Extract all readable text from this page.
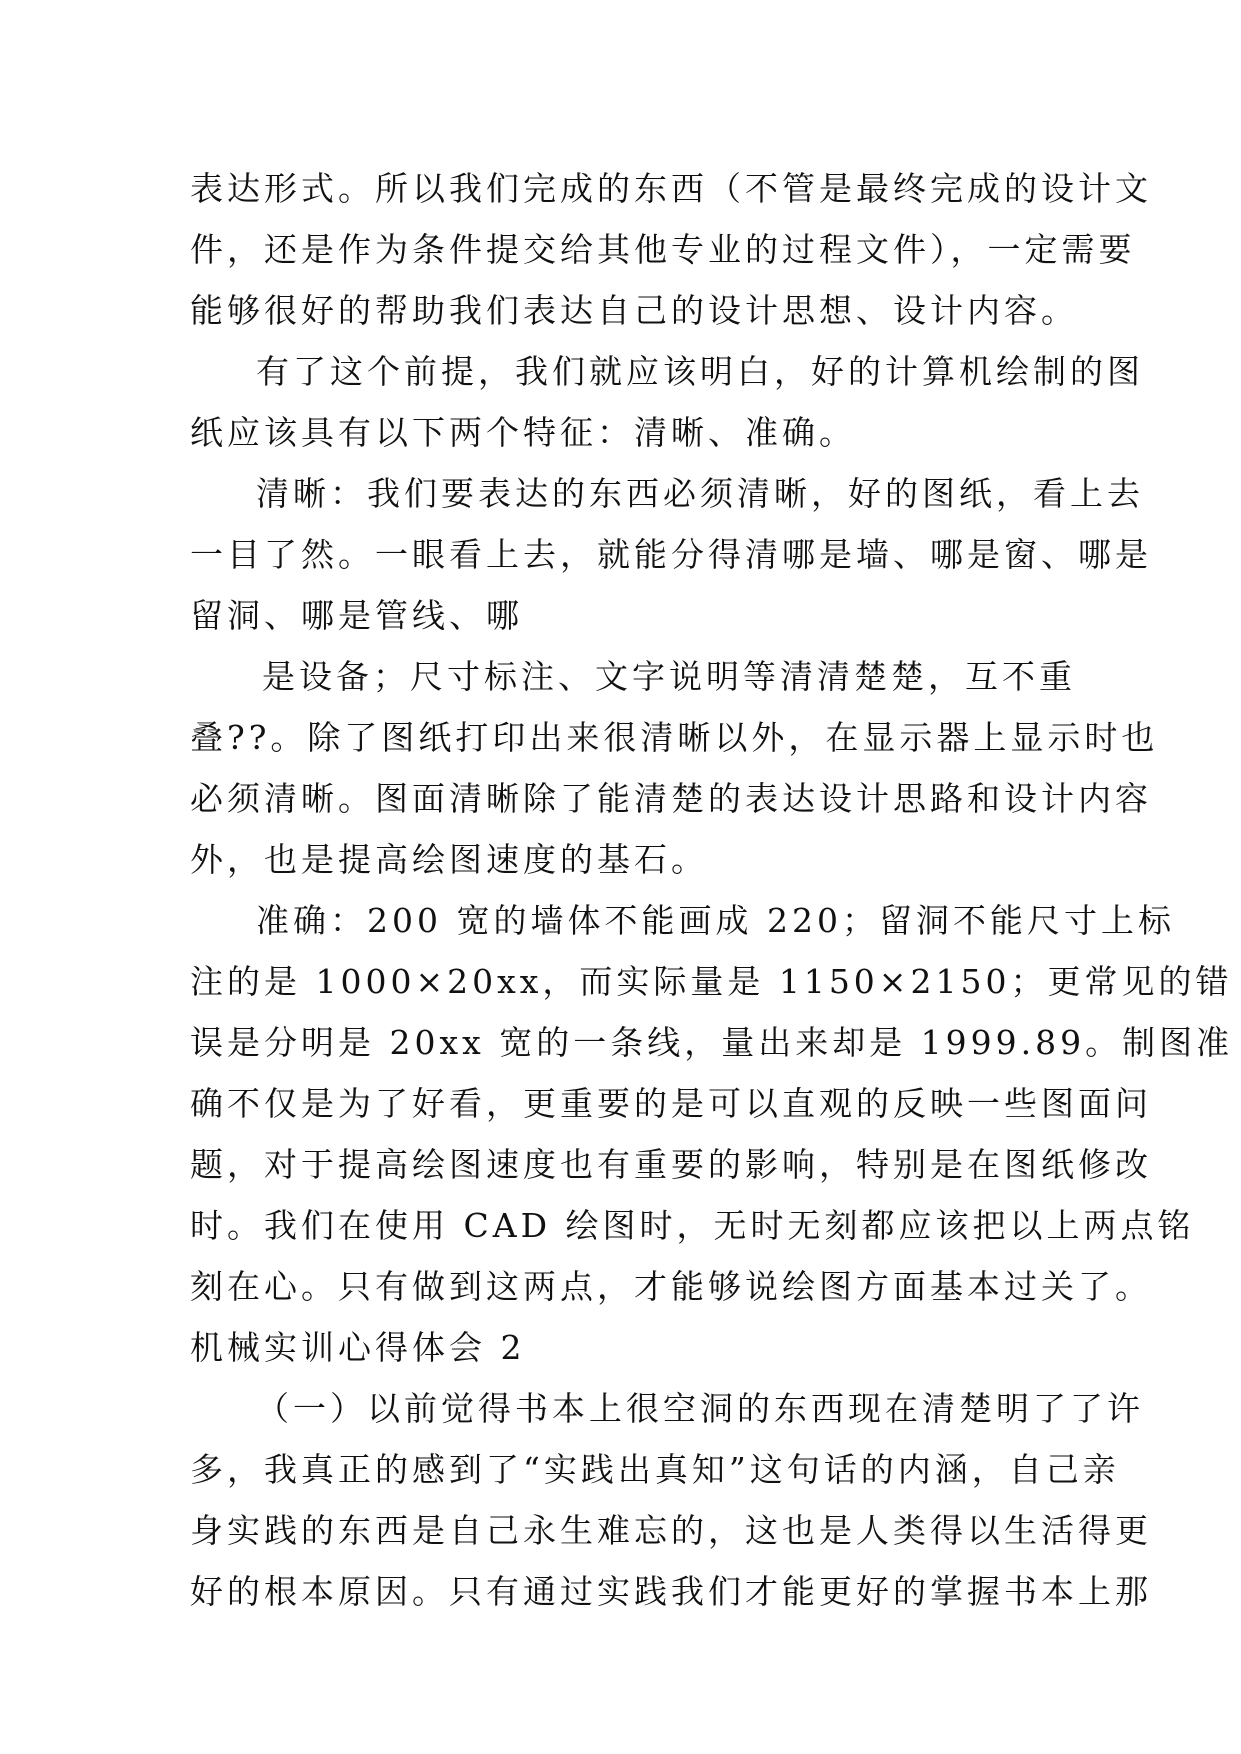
表达形式。所以我们完成的东西（不管是最终完成的设计文
件，还是作为条件提交给其他专业的过程文件），一定需要
能够很好的帮助我们表达自己的设计思想、设计内容。
有了这个前提，我们就应该明白，好的计算机绘制的图
纸应该具有以下两个特征：清晰、准确。
清晰：我们要表达的东西必须清晰，好的图纸，看上去
一目了然。一眼看上去，就能分得清哪是墙、哪是窗、哪是
留洞、哪是管线、哪
是设备；尺寸标注、文字说明等清清楚楚，互不重
叠??。除了图纸打印出来很清晰以外，在显示器上显示时也
必须清晰。图面清晰除了能清楚的表达设计思路和设计内容
外，也是提高绘图速度的基石。
准确：200 宽的墙体不能画成 220；留洞不能尺寸上标
注的是 1000×20xx，而实际量是 1150×2150；更常见的错
误是分明是 20xx 宽的一条线，量出来却是 1999.89。制图准
确不仅是为了好看，更重要的是可以直观的反映一些图面问
题，对于提高绘图速度也有重要的影响，特别是在图纸修改
时。我们在使用 CAD 绘图时，无时无刻都应该把以上两点铭
刻在心。只有做到这两点，才能够说绘图方面基本过关了。
机械实训心得体会 2
（一）以前觉得书本上很空洞的东西现在清楚明了了许
多，我真正的感到了“实践出真知”这句话的内涵，自己亲
身实践的东西是自己永生难忘的，这也是人类得以生活得更
好的根本原因。只有通过实践我们才能更好的掌握书本上那
